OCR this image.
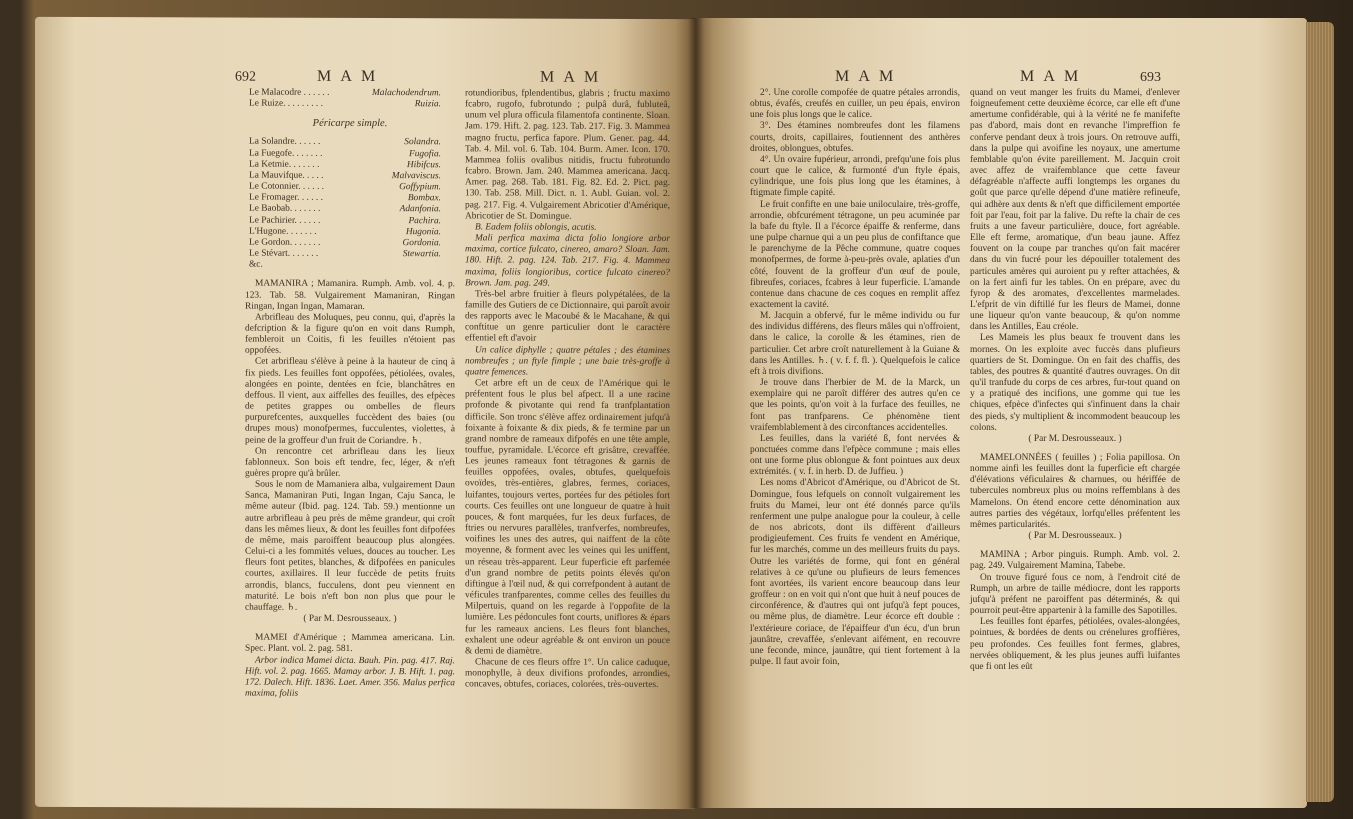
692	M A M	M A M
Le Malacodre . . . . . .	Malachodendrum.
Le Ruize. . . . . . . . .	Ruizia.
Péricarpe simple.
La Solandre. . . . . .	Solandra.
La Fuegofe. . . . . . .	Fugofia.
La Ketmie. . . . . . .	Hibifcus.
La Mauvifque. . . . .	Malvaviscus.
Le Cotonnier. . . . . .	Goffypium.
Le Fromager. . . . . .	Bombax.
Le Baobab. . . . . . .	Adanfonia.
Le Pachirier. . . . . .	Pachira.
L'Hugone. . . . . . .	Hugonia.
Le Gordon. . . . . . .	Gordonia.
Le Stévart. . . . . . .	Stewartia.
&c.

MAMANIRA ; Mamanira. Rumph. Amb. vol. 4. p. 123. Tab. 58. Vulgairement Mamaniran, Ringan Ringan, Ingan Ingan, Mamaran.

Arbrifleau des Moluques, peu connu, qui, d'après la defcription & la figure qu'on en voit dans Rumph, fembleroit un Coitis, fi les feuilles n'étoient pas oppofées.

Cet arbrifleau s'élève à peine à la hauteur de cinq à fix pieds. Les feuilles font oppofées, pétiolées, ovales, alongées en pointe, dentées en fcie, blanchâtres en deffous. Il vient, aux aiffelles des feuilles, des efpèces de petites grappes ou ombelles de fleurs purpurefcentes, auxquelles fuccèdent des baies (ou drupes mous) monofpermes, fucculentes, violettes, à peine de la groffeur d'un fruit de Coriandre. ♄.

On rencontre cet arbrifleau dans les lieux fablonneux. Son bois eft tendre, fec, léger, & n'eft guères propre qu'à brûler.

Sous le nom de Mamaniera alba, vulgairement Daun Sanca, Mamaniran Puti, Ingan Ingan, Caju Sanca, le même auteur (Ibid. pag. 124. Tab. 59.) mentionne un autre arbrifleau à peu près de même grandeur, qui croît dans les mêmes lieux, & dont les feuilles font difpofées de même, mais paroiffent beaucoup plus alongées. Celui-ci a les fommités velues, douces au toucher. Les fleurs font petites, blanches, & difpofées en panicules courtes, axillaires. Il leur fuccède de petits fruits arrondis, blancs, fucculens, dont peu viennent en maturité. Le bois n'eft bon non plus que pour le chauffage. ♄.

( Par M. Desrousseaux. )

MAMEI d'Amérique ; Mammea americana. Lin. Spec. Plant. vol. 2. pag. 581.

Arbor indica Mamei dicta. Bauh. Pin. pag. 417. Raj. Hift. vol. 2. pag. 1665. Mamay arbor. J. B. Hift. 1. pag. 172. Dalech. Hift. 1836. Laet. Amer. 356. Malus perfica maxima, foliis

rotundioribus, fplendentibus, glabris ; fructu maximo fcabro, rugofo, fubrotundo ; pulpâ durâ, fubluteâ, unum vel plura officula filamentofa continente. Sloan. Jam. 179. Hift. 2. pag. 123. Tab. 217. Fig. 3. Mammea magno fructu, perfica fapore. Plum. Gener. pag. 44. Tab. 4. Mil. vol. 6. Tab. 104. Burm. Amer. Icon. 170. Mammea foliis ovalibus nitidis, fructu fubrotundo fcabro. Brown. Jam. 240. Mammea americana. Jacq. Amer. pag. 268. Tab. 181. Fig. 82. Ed. 2. Pict. pag. 130. Tab. 258. Mill. Dict. n. 1. Aubl. Guian. vol. 2. pag. 217. Fig. 4. Vulgairement Abricotier d'Amérique, Abricotier de St. Domingue.

B. Eadem foliis oblongis, acutis.

Mali perfica maxima dicta folio longiore arbor maxima, cortice fulcato, cinereo, amaro? Sloan. Jam. 180. Hift. 2. pag. 124. Tab. 217. Fig. 4. Mammea maxima, foliis longioribus, cortice fulcato cinereo? Brown. Jam. pag. 249.

Très-bel arbre fruitier à fleurs polypétalées, de la famille des Gutiers de ce Dictionnaire, qui paroît avoir des rapports avec le Macoubé & le Macahane, & qui conftitue un genre particulier dont le caractère effentiel eft d'avoir

Un calice diphylle ; quatre pétales ; des étamines nombreufes ; un ftyle fimple ; une baie très-groffe à quatre femences.

Cet arbre eft un de ceux de l'Amérique qui le préfentent fous le plus bel afpect. Il a une racine profonde & pivotante qui rend fa tranfplantation difficile. Son tronc s'élève affez ordinairement jufqu'à foixante à foixante & dix pieds, & fe termine par un grand nombre de rameaux difpofés en une tête ample, touffue, pyramidale. L'écorce eft grisâtre, crevaffée. Les jeunes rameaux font tétragones & garnis de feuilles oppofées, ovales, obtufes, quelquefois ovoïdes, très-entières, glabres, fermes, coriaces, luifantes, toujours vertes, portées fur des pétioles fort courts. Ces feuilles ont une longueur de quatre à huit pouces, & font marquées, fur les deux furfaces, de ftries ou nervures parallèles, tranfverfes, nombreufes, voifines les unes des autres, qui naiffent de la côte moyenne, & forment avec les veines qui les uniffent, un réseau très-apparent. Leur fuperficie eft parfemée d'un grand nombre de petits points élevés qu'on diftingue à l'œil nud, & qui correfpondent à autant de véficules tranfparentes, comme celles des feuilles du Milpertuis, quand on les regarde à l'oppofite de la lumière. Les pédoncules font courts, uniflores & épars fur les rameaux anciens. Les fleurs font blanches, exhalent une odeur agréable & ont environ un pouce & demi de diamètre.

Chacune de ces fleurs offre 1°. Un calice caduque, monophylle, à deux divifions profondes, arrondies, concaves, obtufes, coriaces, colorées, très-ouvertes.

M A M	M A M	693

2°. Une corolle compofée de quatre pétales arrondis, obtus, évafés, creufés en cuiller, un peu épais, environ une fois plus longs que le calice.

3°. Des étamines nombreufes dont les filamens courts, droits, capillaires, foutiennent des anthères droites, oblongues, obtufes.

4°. Un ovaire fupérieur, arrondi, prefqu'une fois plus court que le calice, & furmonté d'un ftyle épais, cylindrique, une fois plus long que les étamines, à ftigmate fimple capité.

Le fruit confifte en une baie uniloculaire, très-groffe, arrondie, obfcurément tétragone, un peu acuminée par la bafe du ftyle. Il a l'écorce épaiffe & renferme, dans une pulpe charnue qui a un peu plus de confiftance que le parenchyme de la Pêche commune, quatre coques monofpermes, de forme à-peu-près ovale, aplaties d'un côté, fouvent de la groffeur d'un œuf de poule, fibreufes, coriaces, fcabres à leur fuperficie. L'amande contenue dans chacune de ces coques en remplit affez exactement la cavité.

M. Jacquin a obfervé, fur le même individu ou fur des individus différens, des fleurs mâles qui n'offroient, dans le calice, la corolle & les étamines, rien de particulier. Cet arbre croît naturellement à la Guiane & dans les Antilles. ♄. ( v. f. f. fl. ). Quelquefois le calice eft à trois divifions.

Je trouve dans l'herbier de M. de la Marck, un exemplaire qui ne paroît différer des autres qu'en ce que les points, qu'on voit à la furface des feuilles, ne font pas tranfparens. Ce phénomène tient vraifemblablement à des circonftances accidentelles.

Les feuilles, dans la variété ß, font nervées & ponctuées comme dans l'efpèce commune ; mais elles ont une forme plus oblongue & font pointues aux deux extrémités. ( v. f. in herb. D. de Juffieu. )

Les noms d'Abricot d'Amérique, ou d'Abricot de St. Domingue, fous lefquels on connoît vulgairement les fruits du Mamei, leur ont été donnés parce qu'ils renferment une pulpe analogue pour la couleur, à celle de nos abricots, dont ils diffèrent d'ailleurs prodigieufement. Ces fruits fe vendent en Amérique, fur les marchés, comme un des meilleurs fruits du pays. Outre les variétés de forme, qui font en général relatives à ce qu'une ou plufieurs de leurs femences font avortées, ils varient encore beaucoup dans leur groffeur : on en voit qui n'ont que huit à neuf pouces de circonférence, & d'autres qui ont jufqu'à fept pouces, ou même plus, de diamètre. Leur écorce eft double : l'extérieure coriace, de l'épaiffeur d'un écu, d'un brun jaunâtre, crevaffée, s'enlevant aifément, en recouvre une feconde, mince, jaunâtre, qui tient fortement à la pulpe. Il faut avoir foin,

quand on veut manger les fruits du Mamei, d'enlever foigneufement cette deuxième écorce, car elle eft d'une amertume confidérable, qui à la vérité ne fe manifefte pas d'abord, mais dont en revanche l'impreffion fe conferve pendant deux à trois jours. On retrouve auffi, dans la pulpe qui avoifine les noyaux, une amertume femblable qu'on évite pareillement. M. Jacquin croit avec affez de vraifemblance que cette faveur défagréable n'affecte auffi longtemps les organes du goût que parce qu'elle dépend d'une matière refineufe, qui adhère aux dents & n'eft que difficilement emportée foit par l'eau, foit par la falive. Du refte la chair de ces fruits a une faveur particulière, douce, fort agréable. Elle eft ferme, aromatique, d'un beau jaune. Affez fouvent on la coupe par tranches qu'on fait macérer dans du vin fucré pour les dépouiller totalement des particules amères qui auroient pu y refter attachées, & on la fert ainfi fur les tables. On en prépare, avec du fyrop & des aromates, d'excellentes marmelades. L'efprit de vin diftillé fur les fleurs de Mamei, donne une liqueur qu'on vante beaucoup, & qu'on nomme dans les Antilles, Eau créole.

Les Mameis les plus beaux fe trouvent dans les mornes. On les exploite avec fuccès dans plufieurs quartiers de St. Domingue. On en fait des chaffis, des tables, des poutres & quantité d'autres ouvrages. On dit qu'il tranfude du corps de ces arbres, fur-tout quand on y a pratiqué des incifions, une gomme qui tue les chiques, efpèce d'infectes qui s'infinuent dans la chair des pieds, s'y multiplient & incommodent beaucoup les colons.

( Par M. Desrousseaux. )

MAMELONNÉES ( feuilles ) ; Folia papillosa. On nomme ainfi les feuilles dont la fuperficie eft chargée d'élévations véficulaires & charnues, ou hériffée de tubercules nombreux plus ou moins reffemblans à des Mamelons. On étend encore cette dénomination aux autres parties des végétaux, lorfqu'elles préfentent les mêmes particularités.

( Par M. Desrousseaux. )

MAMINA ; Arbor pinguis. Rumph. Amb. vol. 2. pag. 249. Vulgairement Mamina, Tabebe.

On trouve figuré fous ce nom, à l'endroit cité de Rumph, un arbre de taille médiocre, dont les rapports jufqu'à préfent ne paroiffent pas déterminés, & qui pourroit peut-être appartenir à la famille des Sapotilles.

Les feuilles font éparfes, pétiolées, ovales-alongées, pointues, & bordées de dents ou crénelures groffières, peu profondes. Ces feuilles font fermes, glabres, nervées obliquement, & les plus jeunes auffi luifantes que fi ont les eût
